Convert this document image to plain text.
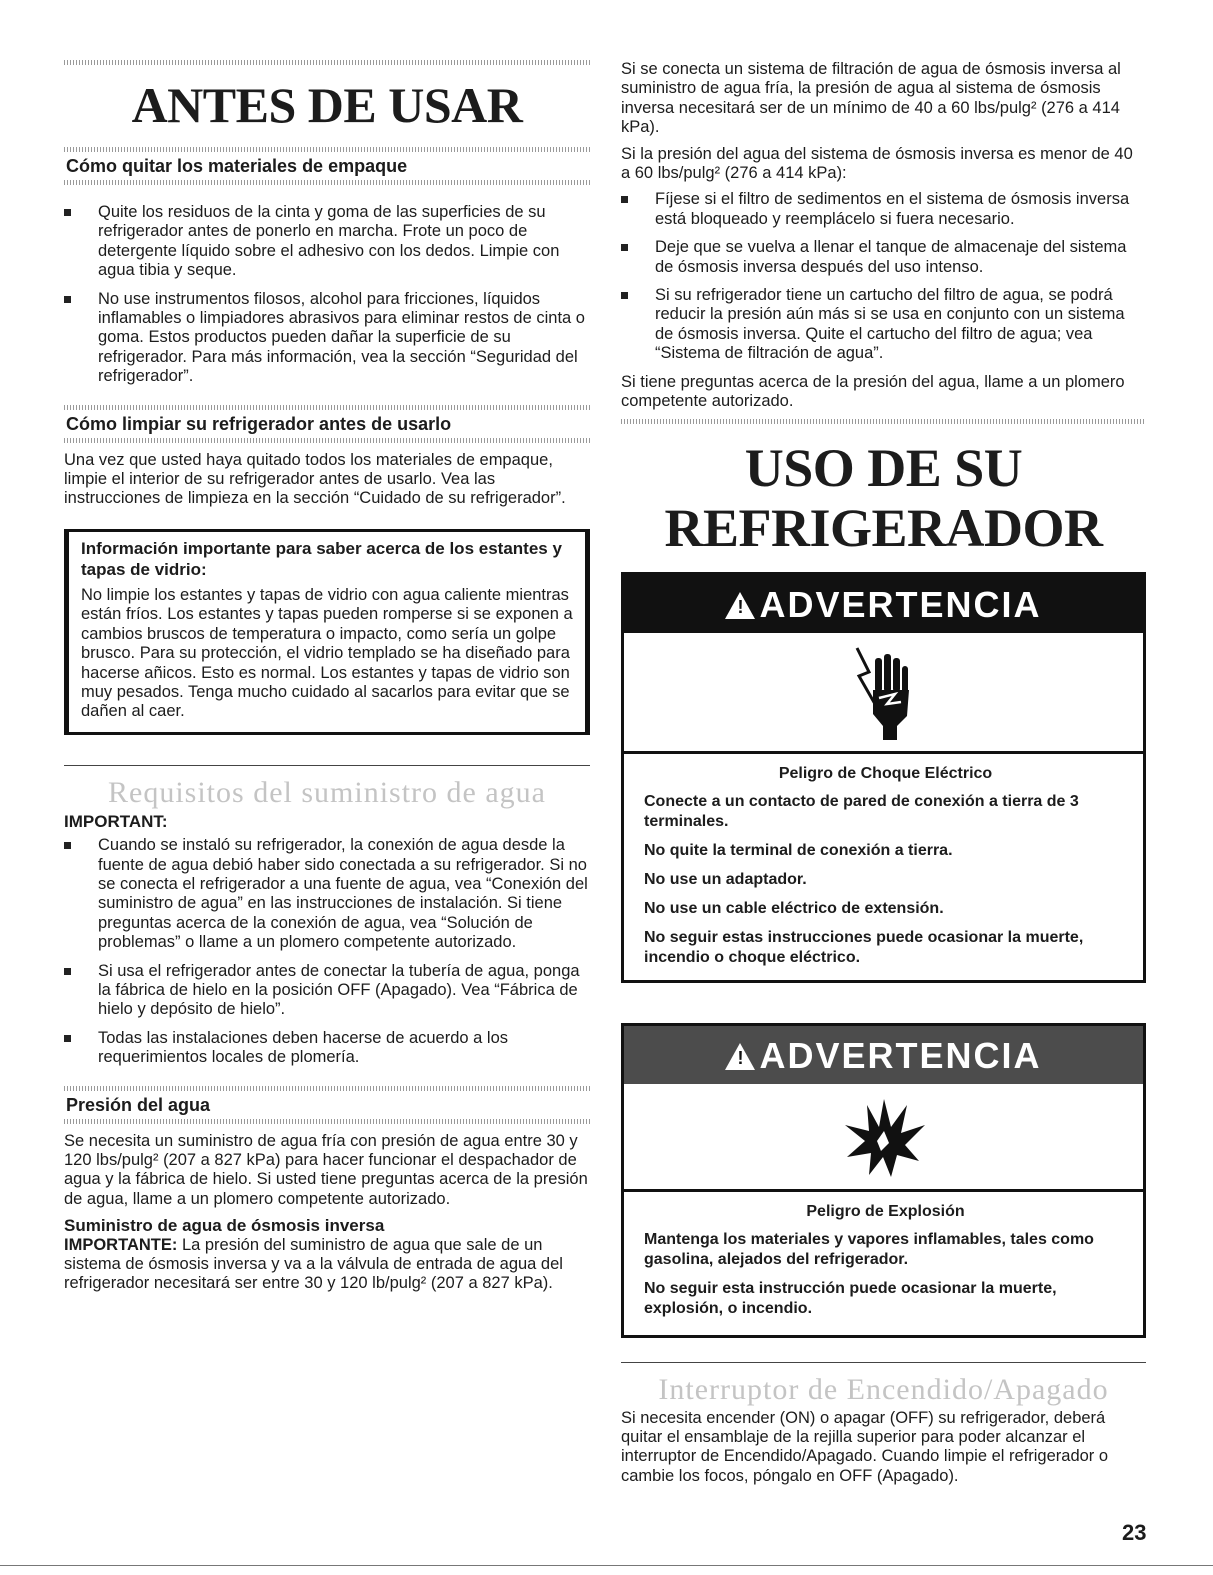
ANTES DE USAR
Cómo quitar los materiales de empaque
Quite los residuos de la cinta y goma de las superficies de su refrigerador antes de ponerlo en marcha. Frote un poco de detergente líquido sobre el adhesivo con los dedos. Limpie con agua tibia y seque.
No use instrumentos filosos, alcohol para fricciones, líquidos inflamables o limpiadores abrasivos para eliminar restos de cinta o goma. Estos productos pueden dañar la superficie de su refrigerador. Para más información, vea la sección “Seguridad del refrigerador”.
Cómo limpiar su refrigerador antes de usarlo

Una vez que usted haya quitado todos los materiales de empaque, limpie el interior de su refrigerador antes de usarlo. Vea las instrucciones de limpieza en la sección “Cuidado de su refrigerador”.

Información importante para saber acerca de los estantes y tapas de vidrio:

No limpie los estantes y tapas de vidrio con agua caliente mientras están fríos. Los estantes y tapas pueden romperse si se exponen a cambios bruscos de temperatura o impacto, como sería un golpe brusco. Para su protección, el vidrio templado se ha diseñado para hacerse añicos. Esto es normal. Los estantes y tapas de vidrio son muy pesados. Tenga mucho cuidado al sacarlos para evitar que se dañen al caer.

Requisitos del suministro de agua

IMPORTANT:

Cuando se instaló su refrigerador, la conexión de agua desde la fuente de agua debió haber sido conectada a su refrigerador. Si no se conecta el refrigerador a una fuente de agua, vea “Conexión del suministro de agua” en las instrucciones de instalación. Si tiene preguntas acerca de la conexión de agua, vea “Solución de problemas” o llame a un plomero competente autorizado.
Si usa el refrigerador antes de conectar la tubería de agua, ponga la fábrica de hielo en la posición OFF (Apagado). Vea “Fábrica de hielo y depósito de hielo”.
Todas las instalaciones deben hacerse de acuerdo a los requerimientos locales de plomería.
Presión del agua

Se necesita un suministro de agua fría con presión de agua entre 30 y 120 lbs/pulg² (207 a 827 kPa) para hacer funcionar el despachador de agua y la fábrica de hielo. Si usted tiene preguntas acerca de la presión de agua, llame a un plomero competente autorizado.

Suministro de agua de ósmosis inversa

IMPORTANTE: La presión del suministro de agua que sale de un sistema de ósmosis inversa y va a la válvula de entrada de agua del refrigerador necesitará ser entre 30 y 120 lb/pulg² (207 a 827 kPa).

Si se conecta un sistema de filtración de agua de ósmosis inversa al suministro de agua fría, la presión de agua al sistema de ósmosis inversa necesitará ser de un mínimo de 40 a 60 lbs/pulg² (276 a 414 kPa).

Si la presión del agua del sistema de ósmosis inversa es menor de 40 a 60 lbs/pulg² (276 a 414 kPa):

Fíjese si el filtro de sedimentos en el sistema de ósmosis inversa está bloqueado y reemplácelo si fuera necesario.
Deje que se vuelva a llenar el tanque de almacenaje del sistema de ósmosis inversa después del uso intenso.
Si su refrigerador tiene un cartucho del filtro de agua, se podrá reducir la presión aún más si se usa en conjunto con un sistema de ósmosis inversa. Quite el cartucho del filtro de agua; vea “Sistema de filtración de agua”.

Si tiene preguntas acerca de la presión del agua, llame a un plomero competente autorizado.

USO DE SU REFRIGERADOR
! ADVERTENCIA

Peligro de Choque Eléctrico

Conecte a un contacto de pared de conexión a tierra de 3 terminales.

No quite la terminal de conexión a tierra.

No use un adaptador.

No use un cable eléctrico de extensión.

No seguir estas instrucciones puede ocasionar la muerte, incendio o choque eléctrico.

! ADVERTENCIA

Peligro de Explosión

Mantenga los materiales y vapores inflamables, tales como gasolina, alejados del refrigerador.

No seguir esta instrucción puede ocasionar la muerte, explosión, o incendio.

Interruptor de Encendido/Apagado

Si necesita encender (ON) o apagar (OFF) su refrigerador, deberá quitar el ensamblaje de la rejilla superior para poder alcanzar el interruptor de Encendido/Apagado. Cuando limpie el refrigerador o cambie los focos, póngalo en OFF (Apagado).

23
